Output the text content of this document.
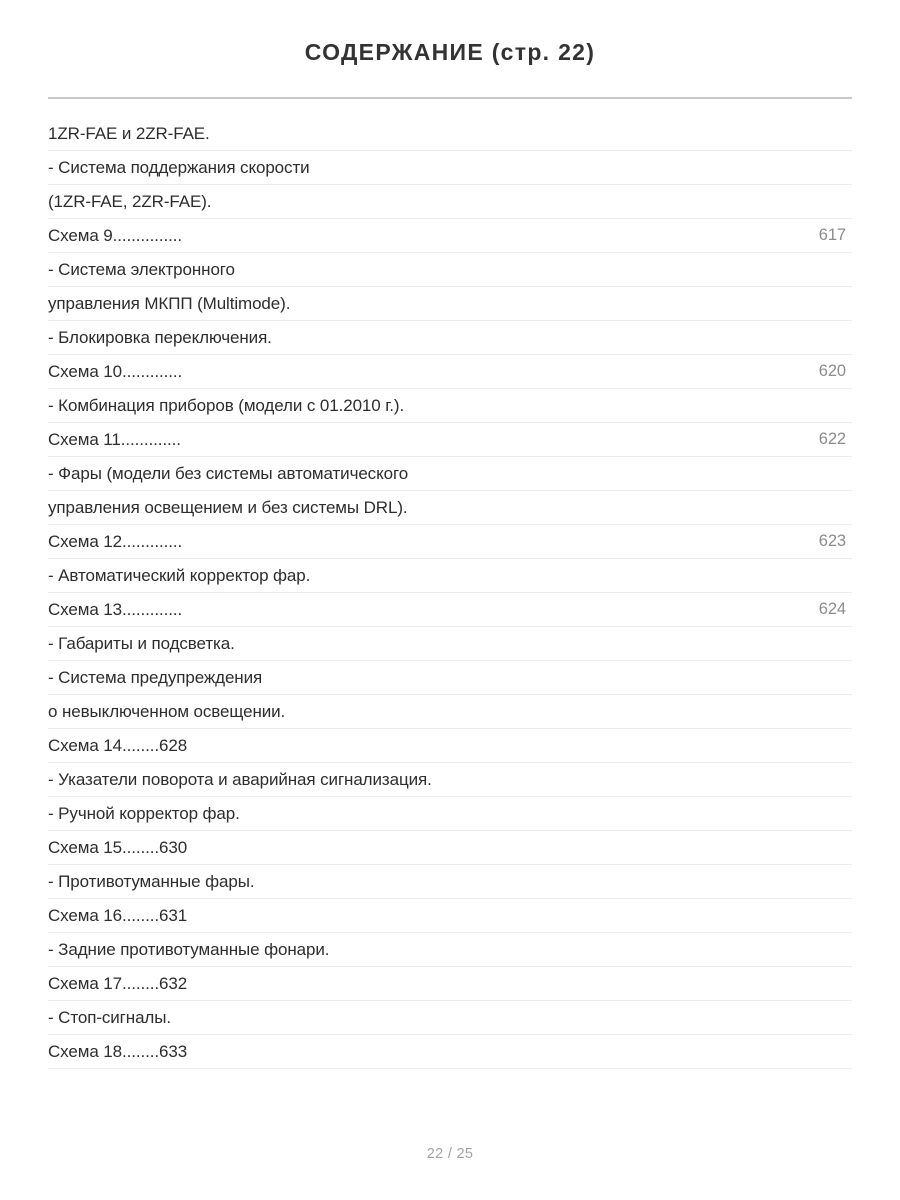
СОДЕРЖАНИЕ (стр. 22)
1ZR-FAE и 2ZR-FAE.
- Система поддержания скорости
(1ZR-FAE, 2ZR-FAE).
Схема 9...............	617
- Система электронного
управления МКПП (Multimode).
- Блокировка переключения.
Схема 10.............	620
- Комбинация приборов (модели с 01.2010 г.).
Схема 11.............	622
- Фары (модели без системы автоматического
управления освещением и без системы DRL).
Схема 12.............	623
- Автоматический корректор фар.
Схема 13.............	624
- Габариты и подсветка.
- Система предупреждения
о невыключенном освещении.
Схема 14........628
- Указатели поворота и аварийная сигнализация.
- Ручной корректор фар.
Схема 15........630
- Противотуманные фары.
Схема 16........631
- Задние противотуманные фонари.
Схема 17........632
- Стоп-сигналы.
Схема 18........633
22 / 25
